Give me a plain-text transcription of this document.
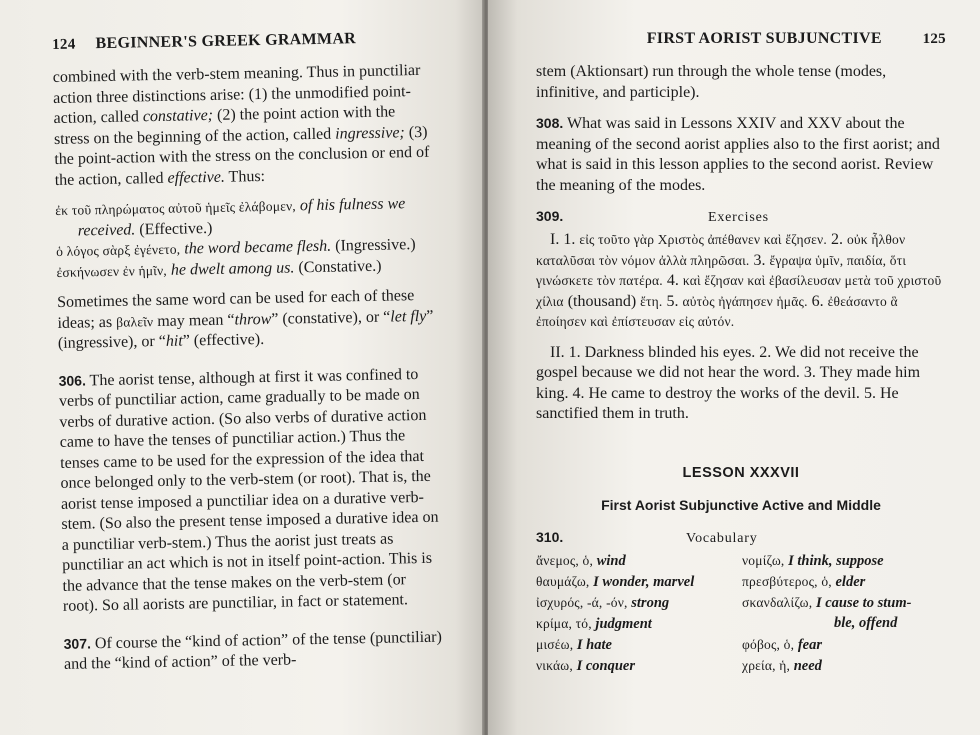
124 BEGINNER'S GREEK GRAMMAR

combined with the verb-stem meaning. Thus in punctiliar action three distinctions arise: (1) the unmodified point-action, called constative; (2) the point action with the stress on the beginning of the action, called ingressive; (3) the point-action with the stress on the conclusion or end of the action, called effective. Thus:

ἐκ τοῦ πληρώματος αὐτοῦ ἡμεῖς ἐλάβομεν, of his fulness we received. (Effective.)

ὁ λόγος σὰρξ ἐγένετο, the word became flesh. (Ingressive.)

ἐσκήνωσεν ἐν ἡμῖν, he dwelt among us. (Constative.)

Sometimes the same word can be used for each of these ideas; as βαλεῖν may mean “throw” (constative), or “let fly” (ingressive), or “hit” (effective).

306. The aorist tense, although at first it was confined to verbs of punctiliar action, came gradually to be made on verbs of durative action. (So also verbs of durative action came to have the tenses of punctiliar action.) Thus the tenses came to be used for the expression of the idea that once belonged only to the verb-stem (or root). That is, the aorist tense imposed a punctiliar idea on a durative verb-stem. (So also the present tense imposed a durative idea on a punctiliar verb-stem.) Thus the aorist just treats as punctiliar an act which is not in itself point-action. This is the advance that the tense makes on the verb-stem (or root). So all aorists are punctiliar, in fact or statement.

307. Of course the “kind of action” of the tense (punctiliar) and the “kind of action” of the verb-

FIRST AORIST SUBJUNCTIVE	125

stem (Aktionsart) run through the whole tense (modes, infinitive, and participle).

308. What was said in Lessons XXIV and XXV about the meaning of the second aorist applies also to the first aorist; and what is said in this lesson applies to the second aorist. Review the meaning of the modes.

309.	Exercises

I. 1. εἰς τοῦτο γὰρ Χριστὸς ἀπέθανεν καὶ ἔζησεν. 2. οὐκ ἦλθον καταλῦσαι τὸν νόμον ἀλλὰ πληρῶσαι. 3. ἔγραψα ὑμῖν, παιδία, ὅτι γινώσκετε τὸν πατέρα. 4. καὶ ἔζησαν καὶ ἐβασίλευσαν μετὰ τοῦ χριστοῦ χίλια (thousand) ἔτη. 5. αὐτὸς ἠγάπησεν ἡμᾶς. 6. ἐθεάσαντο ἃ ἐποίησεν καὶ ἐπίστευσαν εἰς αὐτόν.

II. 1. Darkness blinded his eyes. 2. We did not receive the gospel because we did not hear the word. 3. They made him king. 4. He came to destroy the works of the devil. 5. He sanctified them in truth.

LESSON XXXVII
First Aorist Subjunctive Active and Middle
310.	Vocabulary
ἄνεμος, ὁ, wind	νομίζω, I think, suppose
θαυμάζω, I wonder, marvel	πρεσβύτερος, ὁ, elder
ἰσχυρός, -ά, -όν, strong	σκανδαλίζω, I cause to stum-
κρίμα, τό, judgment	ble, offend
μισέω, I hate	φόβος, ὁ, fear
νικάω, I conquer	χρεία, ἡ, need
